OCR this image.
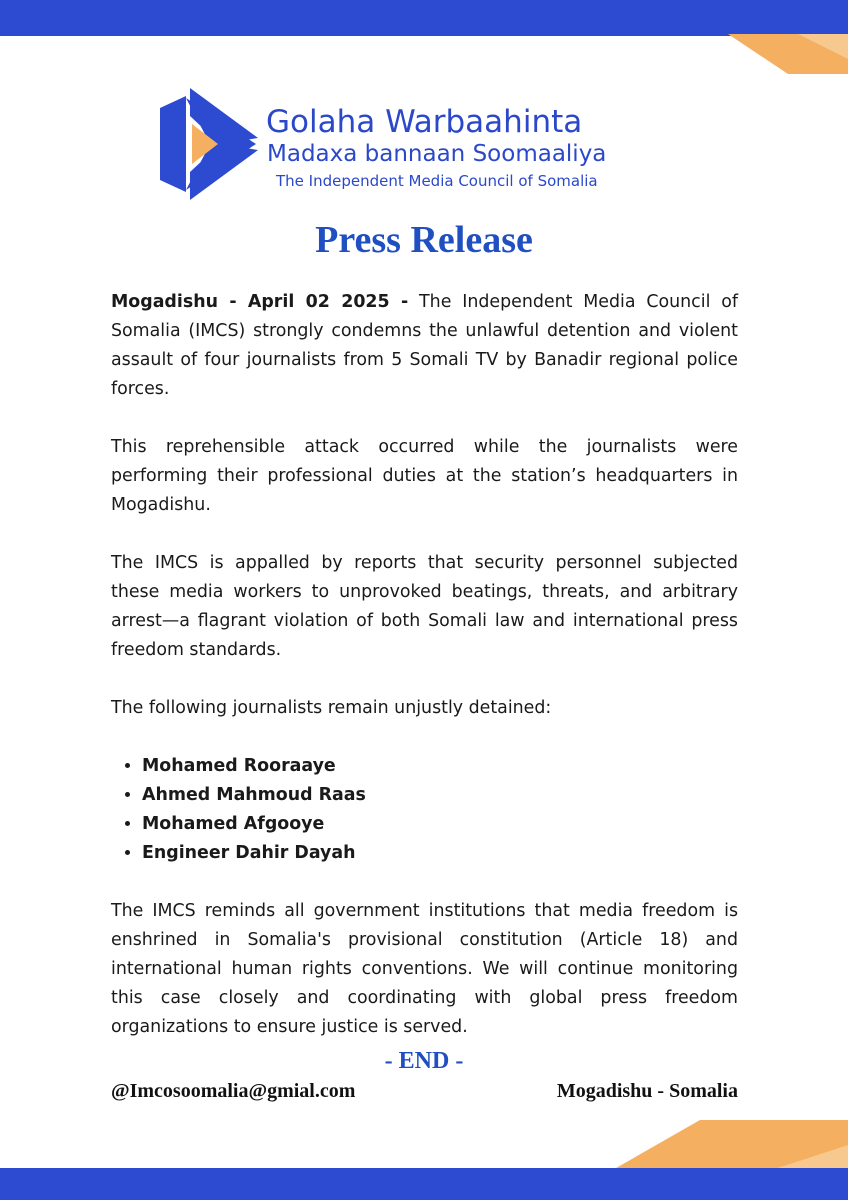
Golaha Warbaahinta
Madaxa bannaan Soomaaliya
The Independent Media Council of Somalia
Press Release

Mogadishu - April 02 2025 - The Independent Media Council of Somalia (IMCS) strongly condemns the unlawful detention and violent assault of four journalists from 5 Somali TV by Banadir regional police forces.

This reprehensible attack occurred while the journalists were performing their professional duties at the station’s headquarters in Mogadishu.

The IMCS is appalled by reports that security personnel subjected these media workers to unprovoked beatings, threats, and arbitrary arrest—a flagrant violation of both Somali law and international press freedom standards.

The following journalists remain unjustly detained:

• Mohamed Rooraaye
• Ahmed Mahmoud Raas
• Mohamed Afgooye
• Engineer Dahir Dayah

The IMCS reminds all government institutions that media freedom is enshrined in Somalia's provisional constitution (Article 18) and international human rights conventions. We will continue monitoring this case closely and coordinating with global press freedom organizations to ensure justice is served.

- END -
@Imcosoomalia@gmial.com	Mogadishu - Somalia
